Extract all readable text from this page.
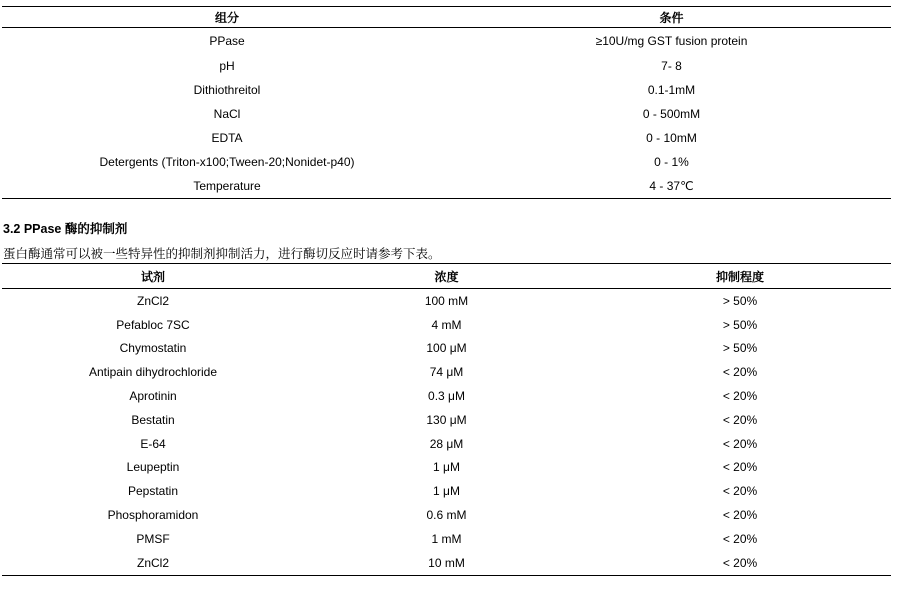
组分	条件
PPase	≥10U/mg GST fusion protein
pH	7- 8
Dithiothreitol	0.1-1mM
NaCl	0 - 500mM
EDTA	0 - 10mM
Detergents (Triton-x100;Tween-20;Nonidet-p40)	0 - 1%
Temperature	4 - 37℃
3.2 PPase 酶的抑制剂
蛋白酶通常可以被一些特异性的抑制剂抑制活力，进行酶切反应时请参考下表。
试剂	浓度	抑制程度
ZnCl2	100 mM	> 50%
Pefabloc 7SC	4 mM	> 50%
Chymostatin	100 μM	> 50%
Antipain dihydrochloride	74 μM	< 20%
Aprotinin	0.3 μM	< 20%
Bestatin	130 μM	< 20%
E-64	28 μM	< 20%
Leupeptin	1 μM	< 20%
Pepstatin	1 μM	< 20%
Phosphoramidon	0.6 mM	< 20%
PMSF	1 mM	< 20%
ZnCl2	10 mM	< 20%
